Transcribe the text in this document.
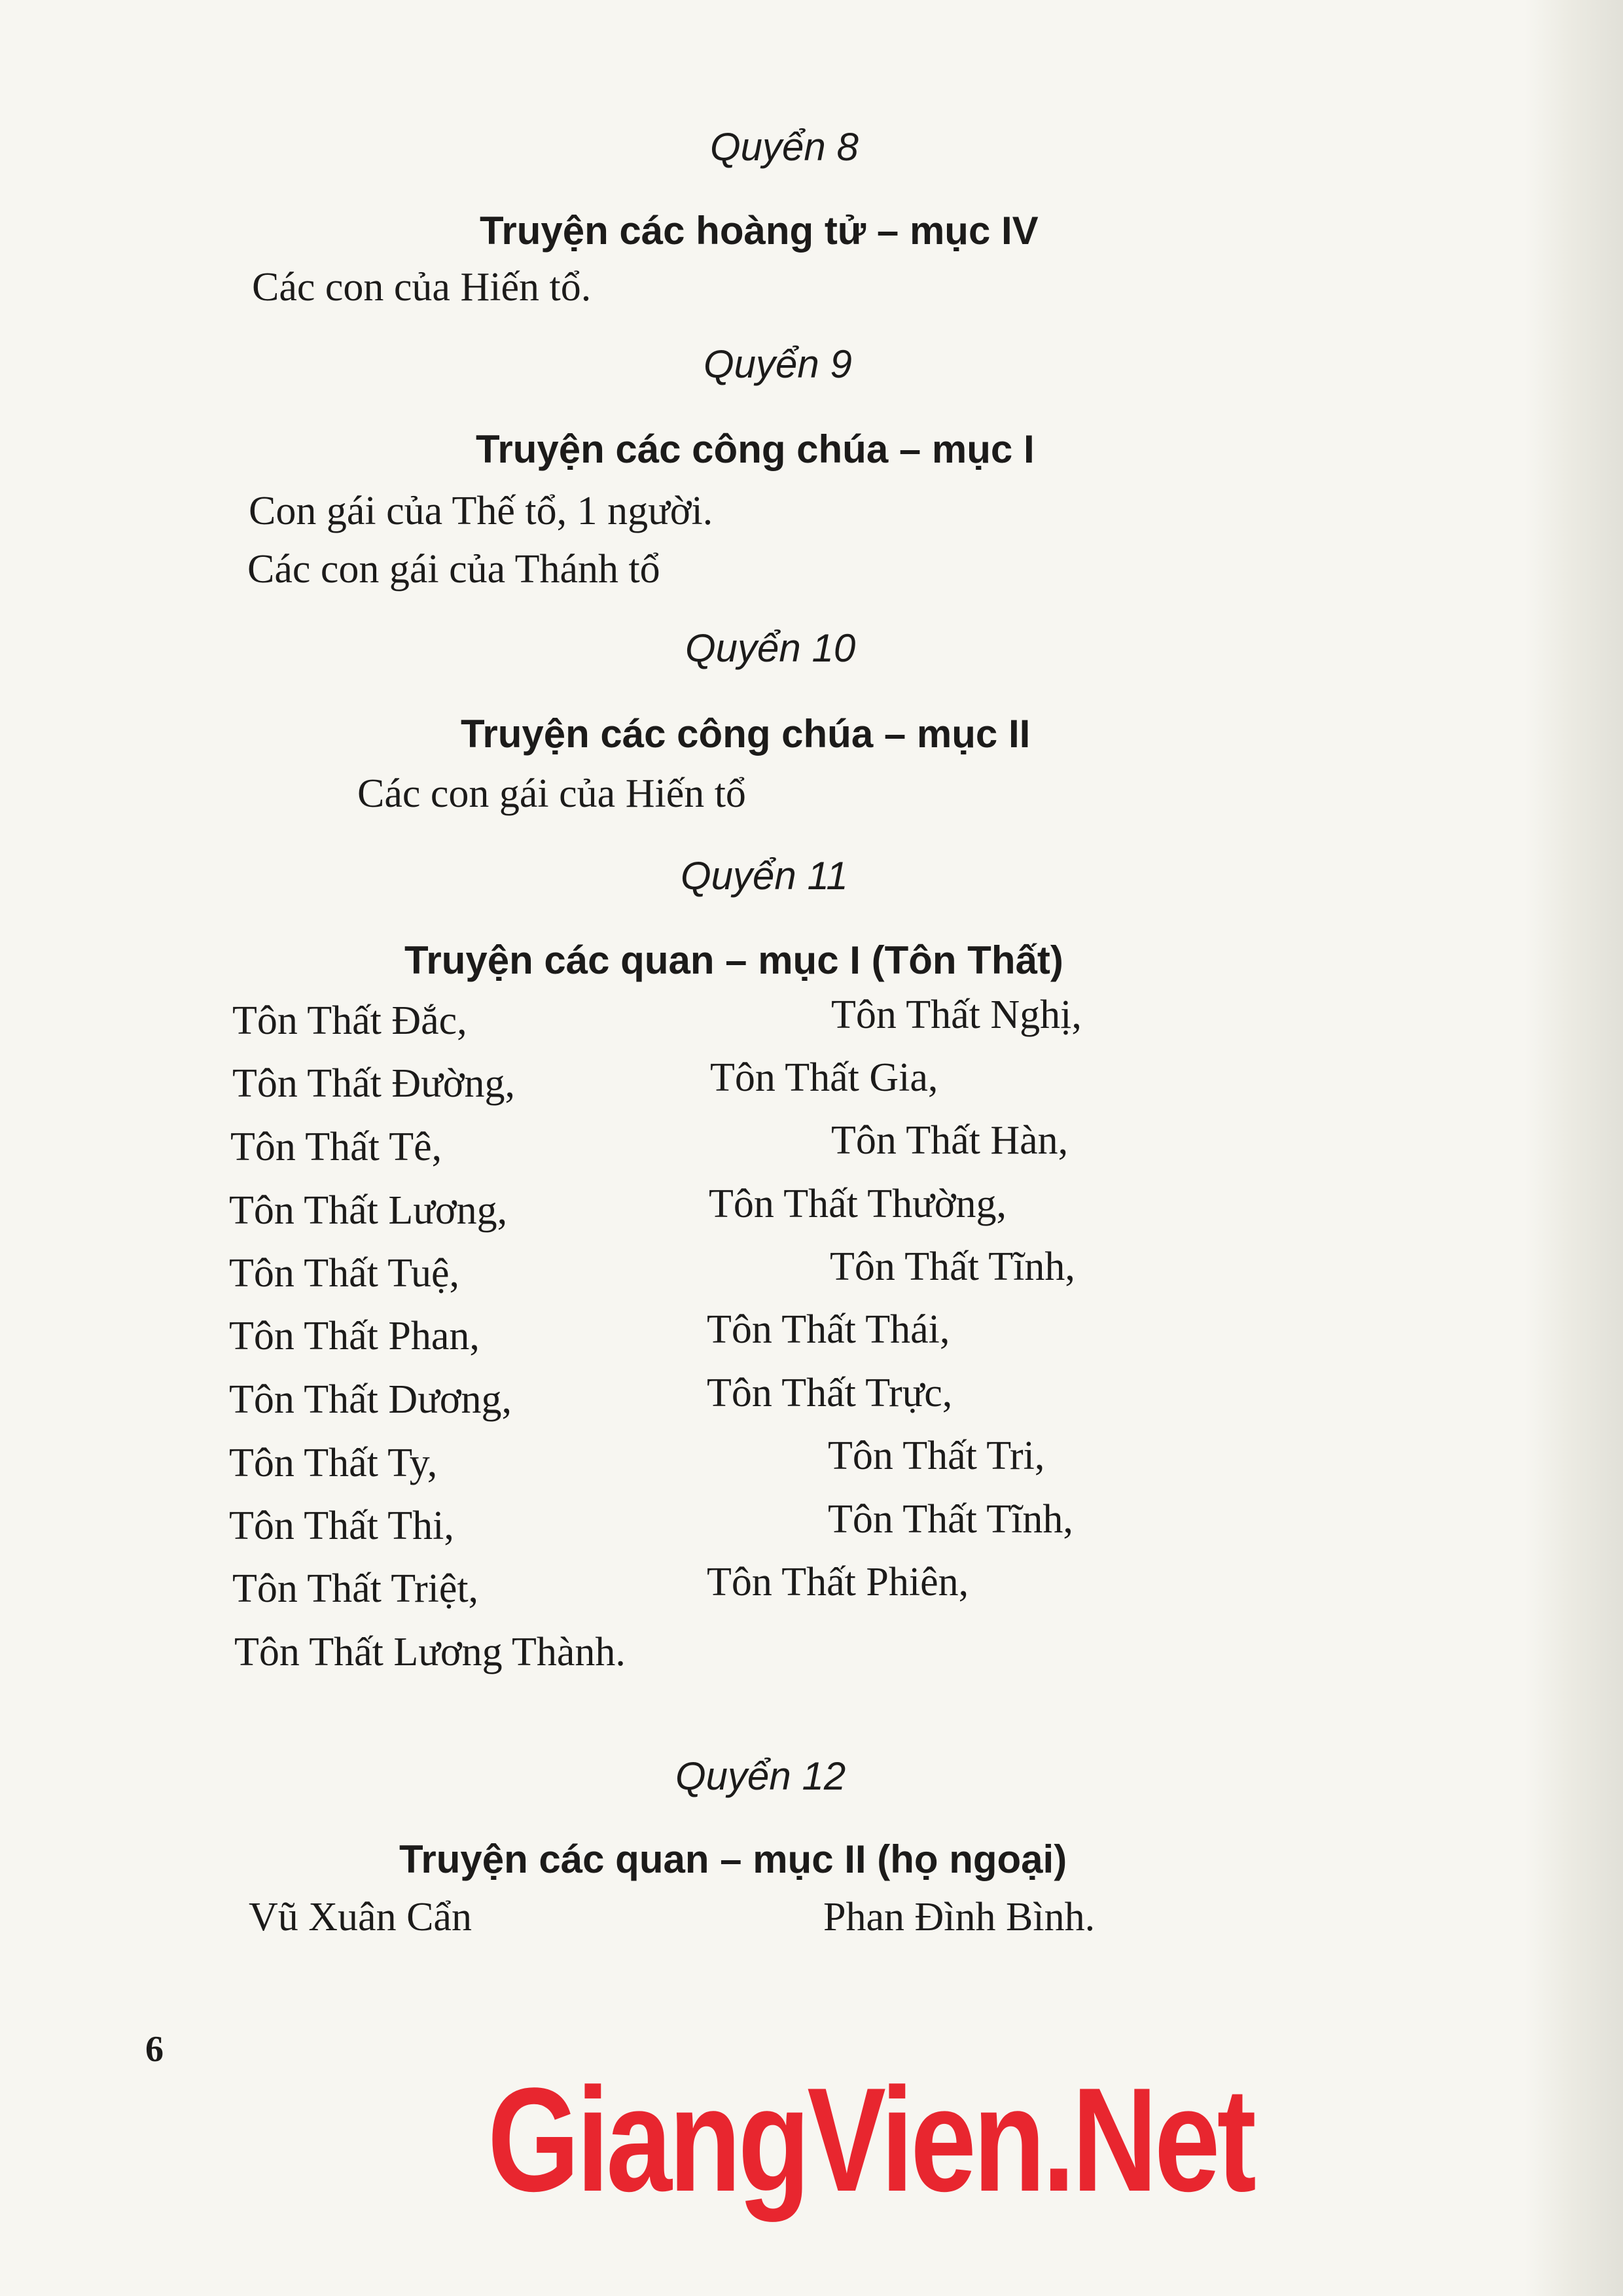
Quyển 8
Truyện các hoàng tử – mục IV
Các con của Hiến tổ.
Quyển 9
Truyện các công chúa – mục I
Con gái của Thế tổ, 1 người.
Các con gái của Thánh tổ
Quyển 10
Truyện các công chúa – mục II
Các con gái của Hiến tổ
Quyển 11
Truyện các quan – mục I (Tôn Thất)
Tôn Thất Đắc,
Tôn Thất Đường,
Tôn Thất Tê,
Tôn Thất Lương,
Tôn Thất Tuệ,
Tôn Thất Phan,
Tôn Thất Dương,
Tôn Thất Ty,
Tôn Thất Thi,
Tôn Thất Triệt,
Tôn Thất Lương Thành.
Tôn Thất Nghị,
Tôn Thất Gia,
Tôn Thất Hàn,
Tôn Thất Thường,
Tôn Thất Tĩnh,
Tôn Thất Thái,
Tôn Thất Trực,
Tôn Thất Tri,
Tôn Thất Tĩnh,
Tôn Thất Phiên,
Quyển 12
Truyện các quan – mục II (họ ngoại)
Vũ Xuân Cẩn	Phan Đình Bình.
6
GiangVien.Net
